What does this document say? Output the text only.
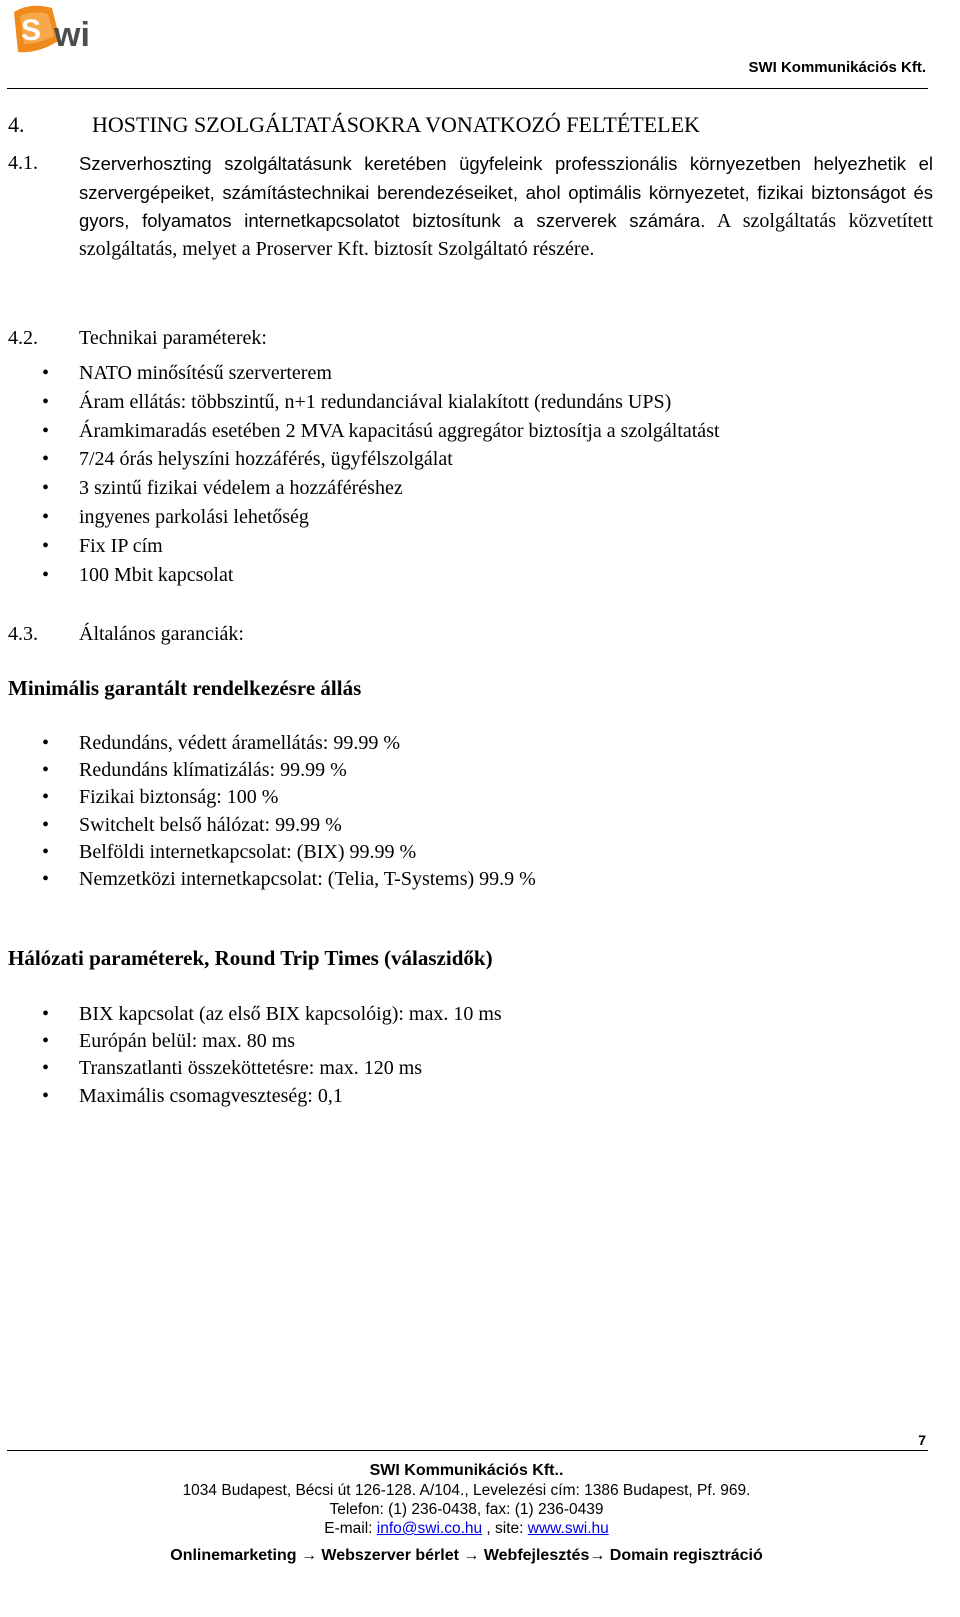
S wi
SWI Kommunikációs Kft.
4.	HOSTING SZOLGÁLTATÁSOKRA VONATKOZÓ FELTÉTELEK
4.1. Szerverhoszting szolgáltatásunk keretében ügyfeleink professzionális környezetben helyezhetik el szervergépeiket, számítástechnikai berendezéseiket, ahol optimális környezetet, fizikai biztonságot és gyors, folyamatos internetkapcsolatot biztosítunk a szerverek számára. A szolgáltatás közvetített szolgáltatás, melyet a Proserver Kft. biztosít Szolgáltató részére.
4.2. Technikai paraméterek:
• NATO minősítésű szerverterem
• Áram ellátás: többszintű, n+1 redundanciával kialakított (redundáns UPS)
• Áramkimaradás esetében 2 MVA kapacitású aggregátor biztosítja a szolgáltatást
• 7/24 órás helyszíni hozzáférés, ügyfélszolgálat
• 3 szintű fizikai védelem a hozzáféréshez
• ingyenes parkolási lehetőség
• Fix IP cím
• 100 Mbit kapcsolat
4.3. Általános garanciák:
Minimális garantált rendelkezésre állás
• Redundáns, védett áramellátás: 99.99 %
• Redundáns klímatizálás: 99.99 %
• Fizikai biztonság: 100 %
• Switchelt belső hálózat: 99.99 %
• Belföldi internetkapcsolat: (BIX) 99.99 %
• Nemzetközi internetkapcsolat: (Telia, T-Systems) 99.9 %
Hálózati paraméterek, Round Trip Times (válaszidők)
• BIX kapcsolat (az első BIX kapcsolóig): max. 10 ms
• Európán belül: max. 80 ms
• Transzatlanti összeköttetésre: max. 120 ms
• Maximális csomagveszteség: 0,1
7
SWI Kommunikációs Kft..
1034 Budapest, Bécsi út 126-128. A/104., Levelezési cím: 1386 Budapest, Pf. 969.
Telefon: (1) 236-0438, fax: (1) 236-0439
E-mail: info@swi.co.hu , site: www.swi.hu
Onlinemarketing → Webszerver bérlet → Webfejlesztés→ Domain regisztráció
